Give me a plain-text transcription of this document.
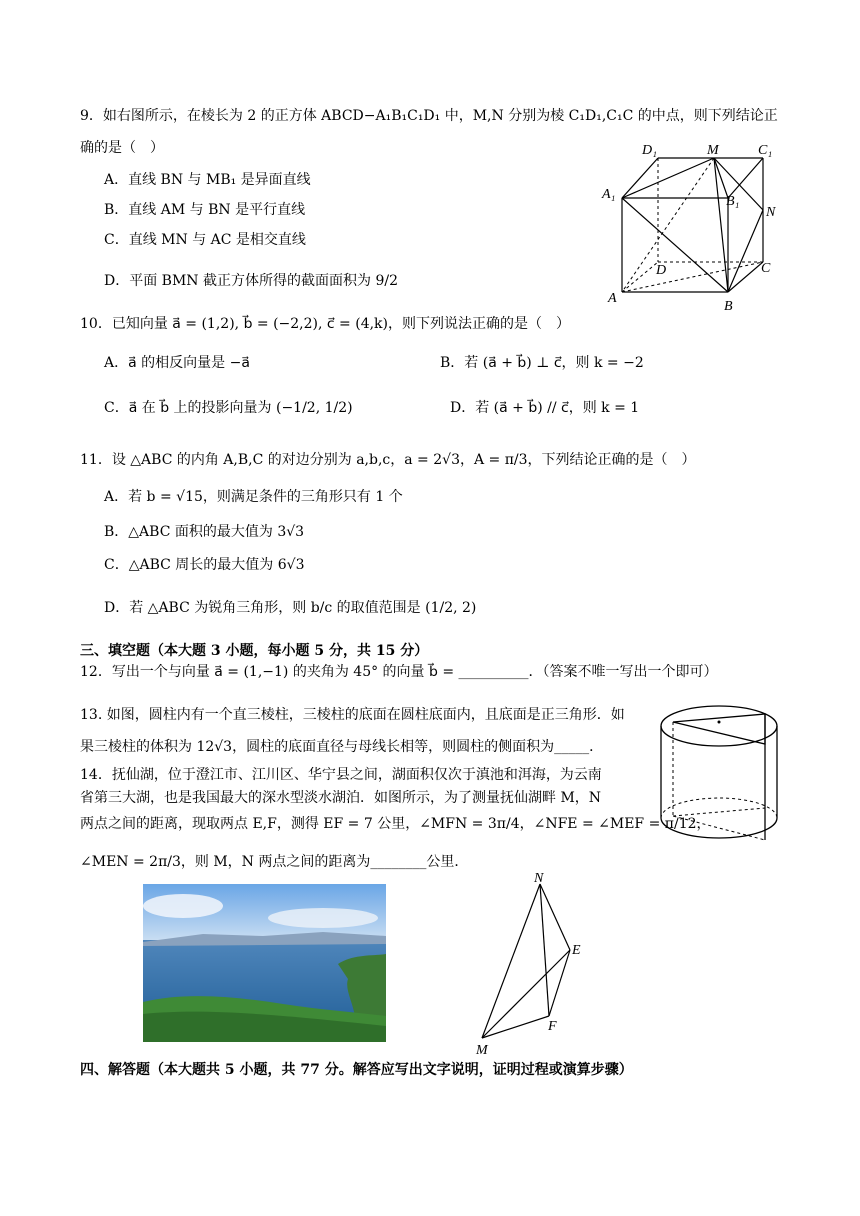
9．如右图所示，在棱长为 2 的正方体 ABCD−A₁B₁C₁D₁ 中，M,N 分别为棱 C₁D₁,C₁C 的中点，则下列结论正
确的是（　）
A．直线 BN 与 MB₁ 是异面直线
B．直线 AM 与 BN 是平行直线
C．直线 MN 与 AC 是相交直线
D．平面 BMN 截正方体所得的截面面积为 9/2
D₁	M	C₁
A₁	B₁
N
D	C
A
B
10．已知向量 a⃗ = (1,2), b⃗ = (−2,2), c⃗ = (4,k)，则下列说法正确的是（　）
A．a⃗ 的相反向量是 −a⃗	B．若 (a⃗ + b⃗) ⊥ c⃗，则 k = −2
C．a⃗ 在 b⃗ 上的投影向量为 (−1/2, 1/2)	D．若 (a⃗ + b⃗) // c⃗，则 k = 1
11．设 △ABC 的内角 A,B,C 的对边分别为 a,b,c，a = 2√3，A = π/3，下列结论正确的是（　）
A．若 b = √15，则满足条件的三角形只有 1 个
B．△ABC 面积的最大值为 3√3
C．△ABC 周长的最大值为 6√3
D．若 △ABC 为锐角三角形，则 b/c 的取值范围是 (1/2, 2)
三、填空题（本大题 3 小题，每小题 5 分，共 15 分）
12．写出一个与向量 a⃗ = (1,−1) 的夹角为 45° 的向量 b⃗ = __________．（答案不唯一写出一个即可）
13. 如图，圆柱内有一个直三棱柱，三棱柱的底面在圆柱底面内，且底面是正三角形．如
果三棱柱的体积为 12√3，圆柱的底面直径与母线长相等，则圆柱的侧面积为_____．
14．抚仙湖，位于澄江市、江川区、华宁县之间，湖面积仅次于滇池和洱海，为云南
省第三大湖，也是我国最大的深水型淡水湖泊．如图所示，为了测量抚仙湖畔 M，N
两点之间的距离，现取两点 E,F，测得 EF = 7 公里，∠MFN = 3π/4，∠NFE = ∠MEF = π/12，
∠MEN = 2π/3，则 M，N 两点之间的距离为________公里．
N
E
F
M
四、解答题（本大题共 5 小题，共 77 分。解答应写出文字说明，证明过程或演算步骤）
